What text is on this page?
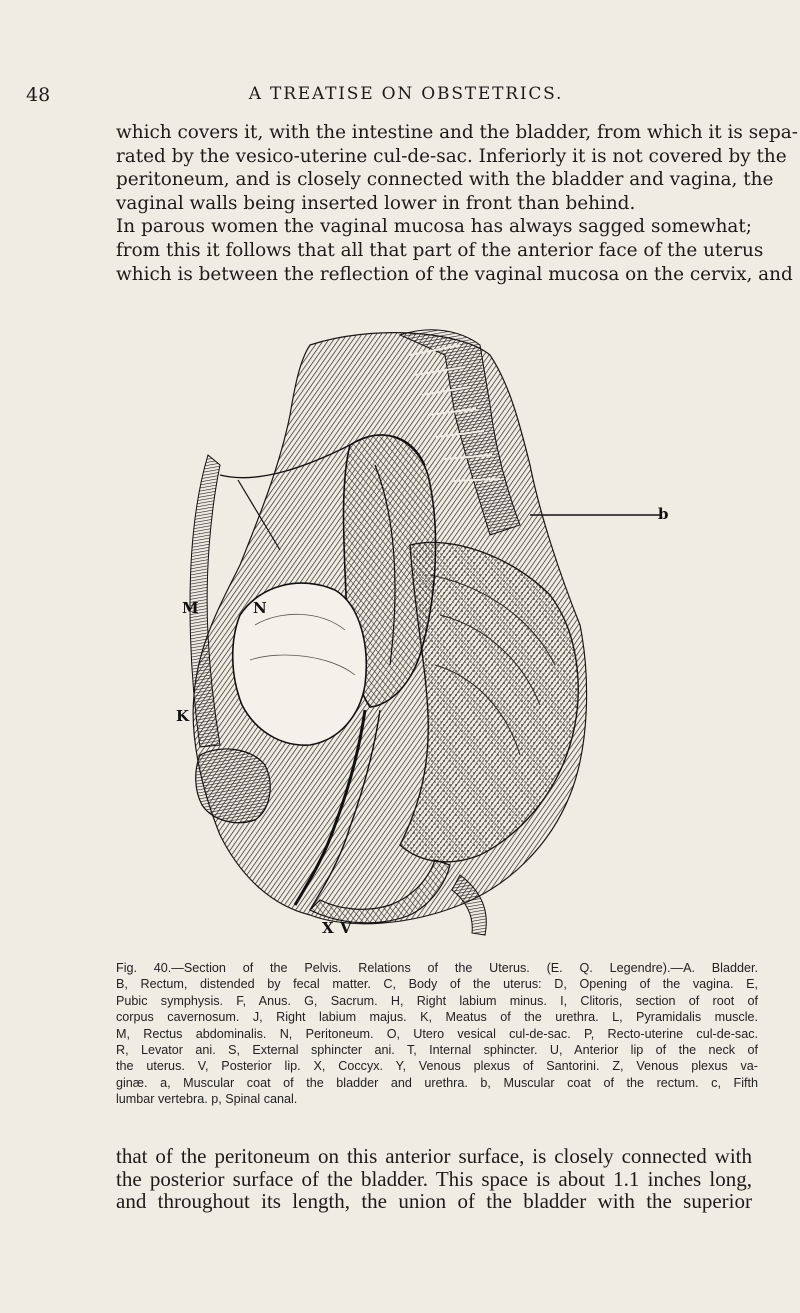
48	A TREATISE ON OBSTETRICS.
which covers it, with the intestine and the bladder, from which it is sepa-
rated by the vesico-uterine cul-de-sac. Inferiorly it is not covered by the
peritoneum, and is closely connected with the bladder and vagina, the
vaginal walls being inserted lower in front than behind.
In parous women the vaginal mucosa has always sagged somewhat;
from this it follows that all that part of the anterior face of the uterus
which is between the reflection of the vaginal mucosa on the cervix, and
b
M	N
K
X V
Fig. 40.—Section of the Pelvis. Relations of the Uterus. (E. Q. Legendre).—A. Bladder.
B, Rectum, distended by fecal matter. C, Body of the uterus: D, Opening of the vagina. E,
Pubic symphysis. F, Anus. G, Sacrum. H, Right labium minus. I, Clitoris, section of root of
corpus cavernosum. J, Right labium majus. K, Meatus of the urethra. L, Pyramidalis muscle.
M, Rectus abdominalis. N, Peritoneum. O, Utero vesical cul-de-sac. P, Recto-uterine cul-de-sac.
R, Levator ani. S, External sphincter ani. T, Internal sphincter. U, Anterior lip of the neck of
the uterus. V, Posterior lip. X, Coccyx. Y, Venous plexus of Santorini. Z, Venous plexus va-
ginæ. a, Muscular coat of the bladder and urethra. b, Muscular coat of the rectum. c, Fifth
lumbar vertebra. p, Spinal canal.
that of the peritoneum on this anterior surface, is closely connected with
the posterior surface of the bladder. This space is about 1.1 inches long,
and throughout its length, the union of the bladder with the superior
